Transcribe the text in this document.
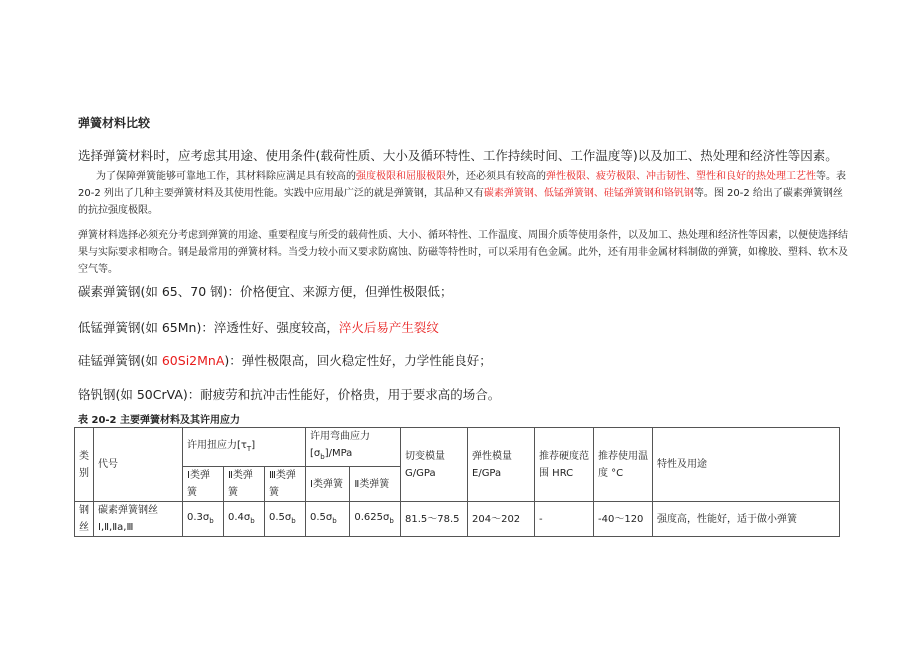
弹簧材料比较
选择弹簧材料时，应考虑其用途、使用条件(载荷性质、大小及循环特性、工作持续时间、工作温度等)以及加工、热处理和经济性等因素。
为了保障弹簧能够可靠地工作，其材料除应满足具有较高的强度极限和屈服极限外，还必须具有较高的弹性极限、疲劳极限、冲击韧性、塑性和良好的热处理工艺性等。表 20-2 列出了几种主要弹簧材料及其使用性能。实践中应用最广泛的就是弹簧钢，其品种又有碳素弹簧钢、低锰弹簧钢、硅锰弹簧钢和铬钒钢等。图 20-2 给出了碳素弹簧钢丝的抗拉强度极限。
弹簧材料选择必须充分考虑到弹簧的用途、重要程度与所受的载荷性质、大小、循环特性、工作温度、周围介质等使用条件，以及加工、热处理和经济性等因素，以便使选择结果与实际要求相吻合。钢是最常用的弹簧材料。当受力较小而又要求防腐蚀、防磁等特性时，可以采用有色金属。此外，还有用非金属材料制做的弹簧，如橡胶、塑料、软木及空气等。
碳素弹簧钢(如 65、70 钢)：价格便宜、来源方便，但弹性极限低；
低锰弹簧钢(如 65Mn)：淬透性好、强度较高，淬火后易产生裂纹
硅锰弹簧钢(如 60Si2MnA)：弹性极限高，回火稳定性好，力学性能良好；
铬钒钢(如 50CrVA)：耐疲劳和抗冲击性能好，价格贵，用于要求高的场合。
表 20-2 主要弹簧材料及其许用应力
类别	代号	许用扭应力$[\tau_T]$			许用弯曲应力$[\sigma_b]$/MPa		切变模量 G/GPa	弹性模量 E/GPa	推荐硬度范围 HRC	推荐使用温度 °C	特性及用途
		Ⅰ类弹簧	Ⅱ类弹簧	Ⅲ类弹簧	Ⅰ类弹簧	Ⅱ类弹簧					
钢丝	碳素弹簧钢丝 Ⅰ,Ⅱ,Ⅱa,Ⅲ	$0.3\sigma_b$	$0.4\sigma_b$	$0.5\sigma_b$	$0.5\sigma_b$	$0.625\sigma_b$	81.5～78.5	204～202	-	-40～120	强度高，性能好，适于做小弹簧
